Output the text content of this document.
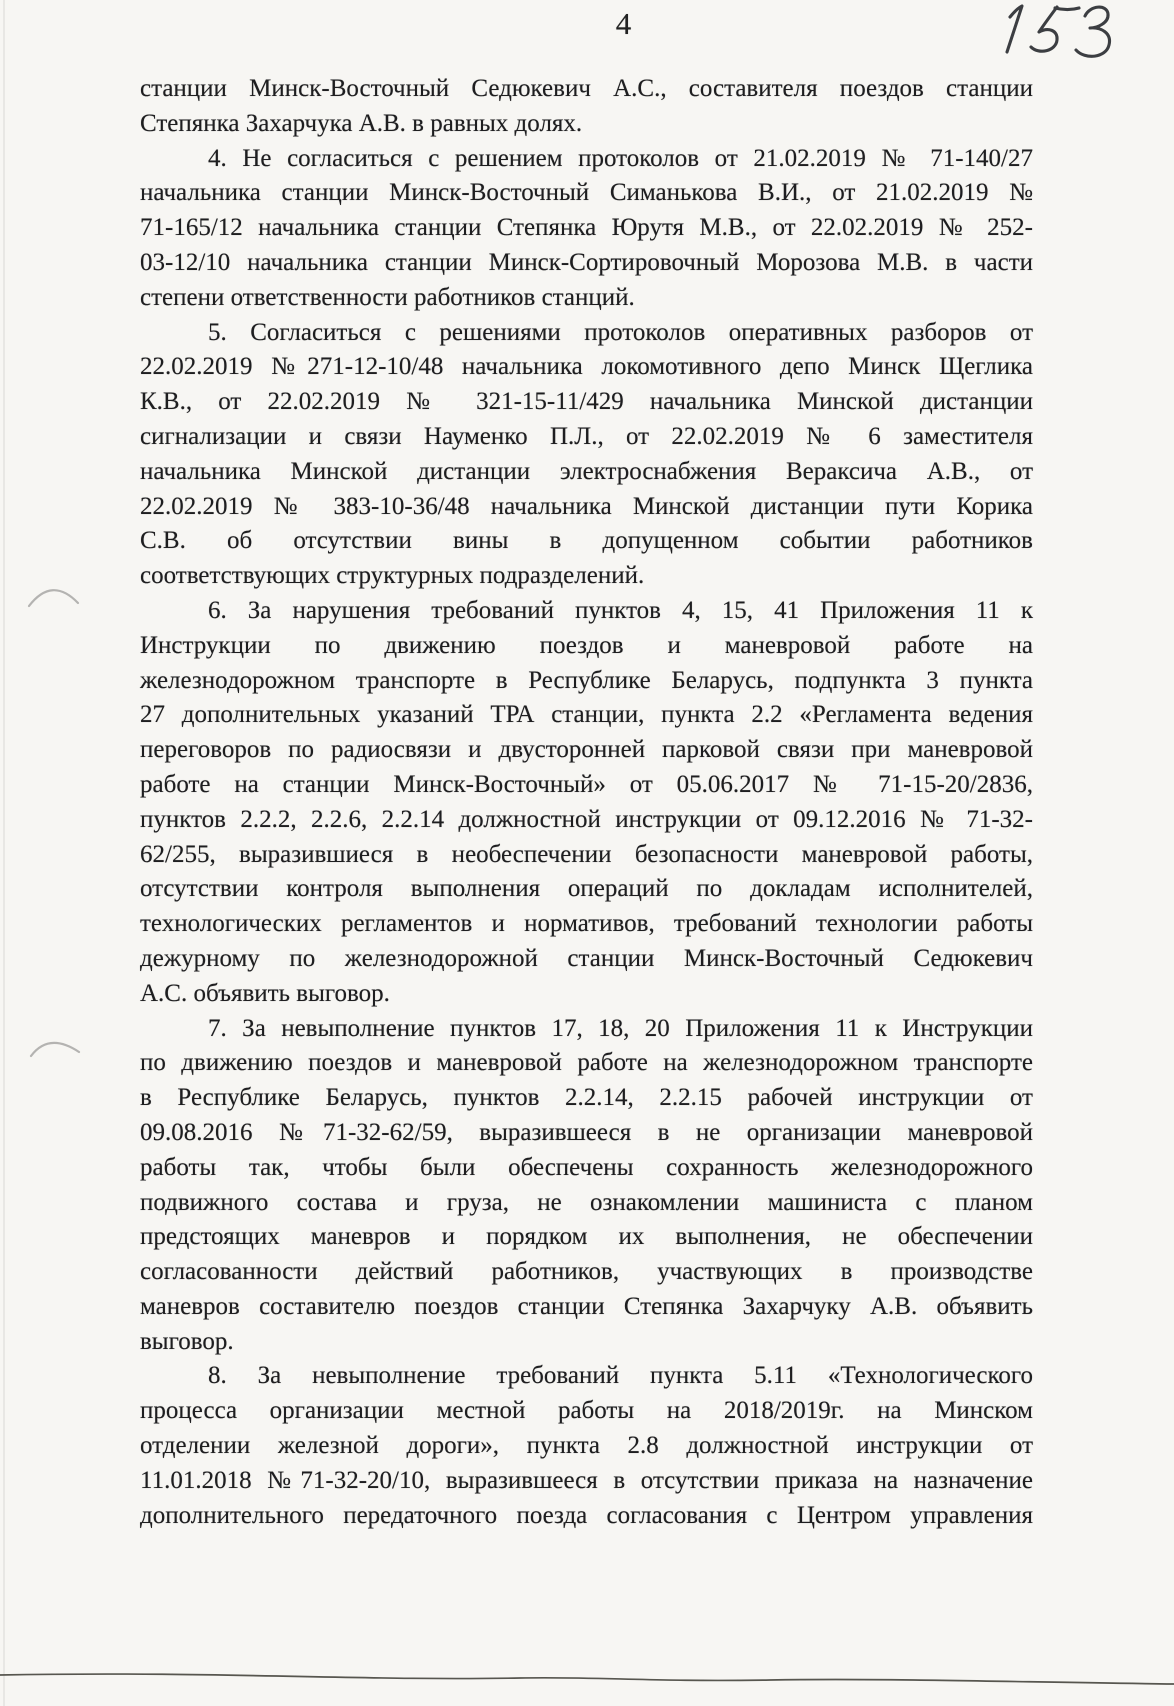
4
станции Минск-Восточный Седюкевич А.С., составителя поездов станции
Степянка Захарчука А.В. в равных долях.
4. Не согласиться с решением протоколов от 21.02.2019 № 71-140/27
начальника станции Минск-Восточный Симанькова В.И., от 21.02.2019 №
71-165/12 начальника станции Степянка Юрутя М.В., от 22.02.2019 № 252-
03-12/10 начальника станции Минск-Сортировочный Морозова М.В. в части
степени ответственности работников станций.
5. Согласиться с решениями протоколов оперативных разборов от
22.02.2019 №271-12-10/48 начальника локомотивного депо Минск Щеглика
К.В., от 22.02.2019 № 321-15-11/429 начальника Минской дистанции
сигнализации и связи Науменко П.Л., от 22.02.2019 № 6 заместителя
начальника Минской дистанции электроснабжения Вераксича А.В., от
22.02.2019 № 383-10-36/48 начальника Минской дистанции пути Корика
С.В. об отсутствии вины в допущенном событии работников
соответствующих структурных подразделений.
6. За нарушения требований пунктов 4, 15, 41 Приложения 11 к
Инструкции по движению поездов и маневровой работе на
железнодорожном транспорте в Республике Беларусь, подпункта 3 пункта
27 дополнительных указаний ТРА станции, пункта 2.2 «Регламента ведения
переговоров по радиосвязи и двусторонней парковой связи при маневровой
работе на станции Минск-Восточный» от 05.06.2017 № 71-15-20/2836,
пунктов 2.2.2, 2.2.6, 2.2.14 должностной инструкции от 09.12.2016 № 71-32-
62/255, выразившиеся в необеспечении безопасности маневровой работы,
отсутствии контроля выполнения операций по докладам исполнителей,
технологических регламентов и нормативов, требований технологии работы
дежурному по железнодорожной станции Минск-Восточный Седюкевич
А.С. объявить выговор.
7. За невыполнение пунктов 17, 18, 20 Приложения 11 к Инструкции
по движению поездов и маневровой работе на железнодорожном транспорте
в Республике Беларусь, пунктов 2.2.14, 2.2.15 рабочей инструкции от
09.08.2016 №71-32-62/59, выразившееся в не организации маневровой
работы так, чтобы были обеспечены сохранность железнодорожного
подвижного состава и груза, не ознакомлении машиниста с планом
предстоящих маневров и порядком их выполнения, не обеспечении
согласованности действий работников, участвующих в производстве
маневров составителю поездов станции Степянка Захарчуку А.В. объявить
выговор.
8. За невыполнение требований пункта 5.11 «Технологического
процесса организации местной работы на 2018/2019г. на Минском
отделении железной дороги», пункта 2.8 должностной инструкции от
11.01.2018 №71-32-20/10, выразившееся в отсутствии приказа на назначение
дополнительного передаточного поезда согласования с Центром управления
